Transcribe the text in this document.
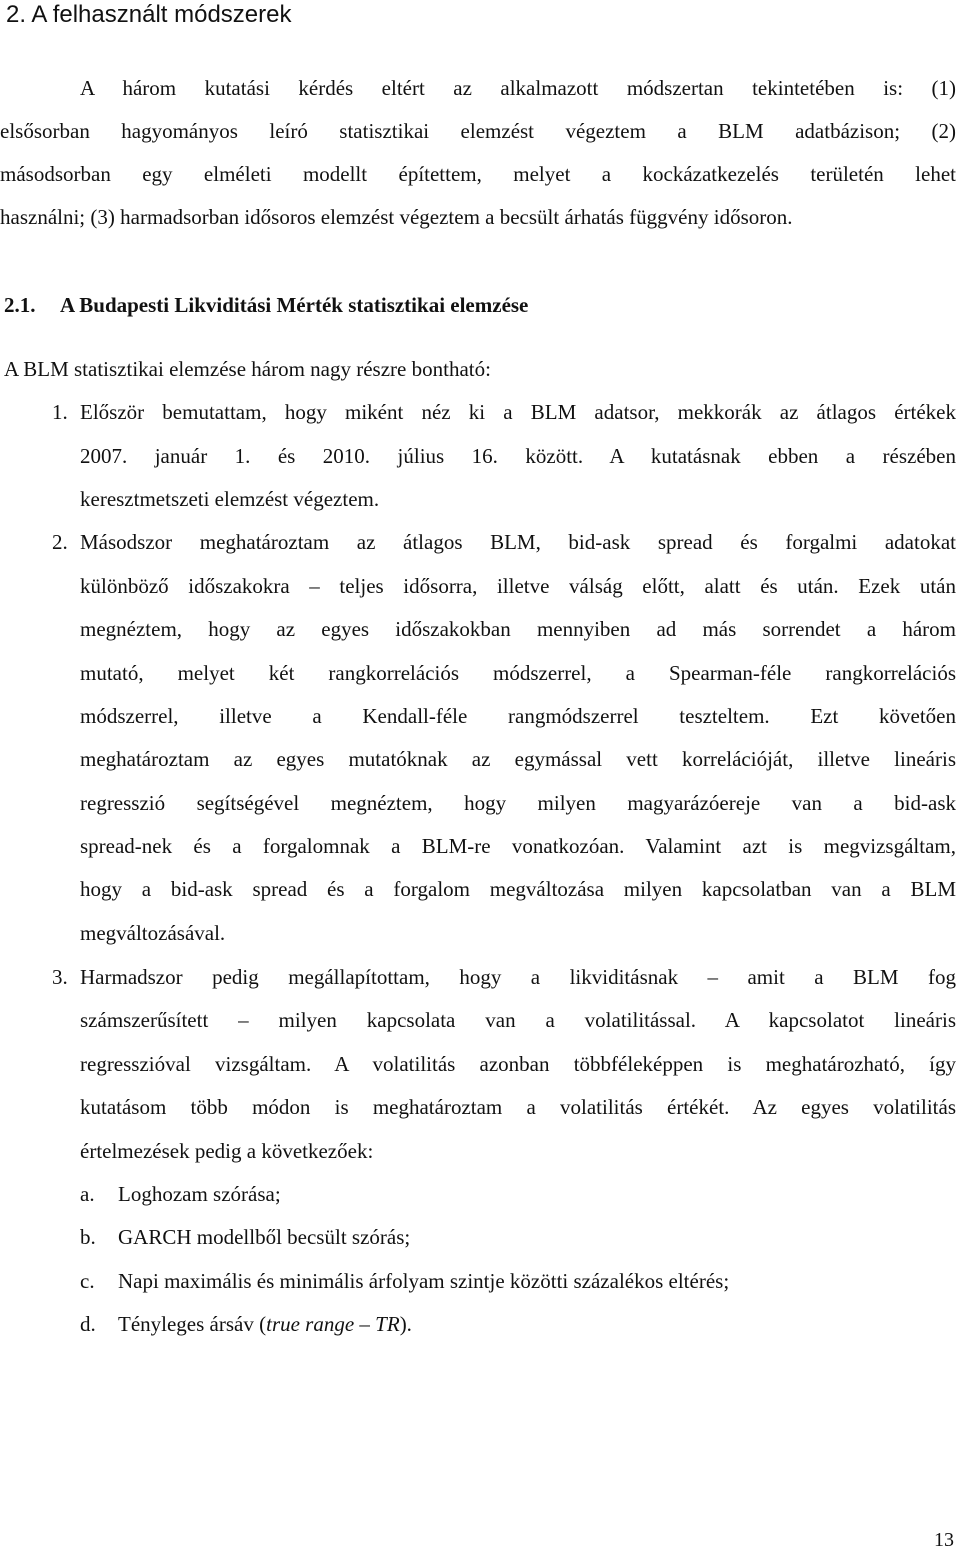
2. A felhasznált módszerek
A három kutatási kérdés eltért az alkalmazott módszertan tekintetében is: (1)
elsősorban hagyományos leíró statisztikai elemzést végeztem a BLM adatbázison; (2)
másodsorban egy elméleti modellt építettem, melyet a kockázatkezelés területén lehet
használni; (3) harmadsorban idősoros elemzést végeztem a becsült árhatás függvény idősoron.
2.1. A Budapesti Likviditási Mérték statisztikai elemzése
A BLM statisztikai elemzése három nagy részre bontható:
1. Először bemutattam, hogy miként néz ki a BLM adatsor, mekkorák az átlagos értékek
2007. január 1. és 2010. július 16. között. A kutatásnak ebben a részében
keresztmetszeti elemzést végeztem.
2. Másodszor meghatároztam az átlagos BLM, bid-ask spread és forgalmi adatokat
különböző időszakokra – teljes idősorra, illetve válság előtt, alatt és után. Ezek után
megnéztem, hogy az egyes időszakokban mennyiben ad más sorrendet a három
mutató, melyet két rangkorrelációs módszerrel, a Spearman-féle rangkorrelációs
módszerrel, illetve a Kendall-féle rangmódszerrel teszteltem. Ezt követően
meghatároztam az egyes mutatóknak az egymással vett korrelációját, illetve lineáris
regresszió segítségével megnéztem, hogy milyen magyarázóereje van a bid-ask
spread-nek és a forgalomnak a BLM-re vonatkozóan. Valamint azt is megvizsgáltam,
hogy a bid-ask spread és a forgalom megváltozása milyen kapcsolatban van a BLM
megváltozásával.
3. Harmadszor pedig megállapítottam, hogy a likviditásnak – amit a BLM fog
számszerűsített – milyen kapcsolata van a volatilitással. A kapcsolatot lineáris
regresszióval vizsgáltam. A volatilitás azonban többféleképpen is meghatározható, így
kutatásom több módon is meghatároztam a volatilitás értékét. Az egyes volatilitás
értelmezések pedig a következőek:
a. Loghozam szórása;
b. GARCH modellből becsült szórás;
c. Napi maximális és minimális árfolyam szintje közötti százalékos eltérés;
d. Tényleges ársáv (true range – TR).
13
